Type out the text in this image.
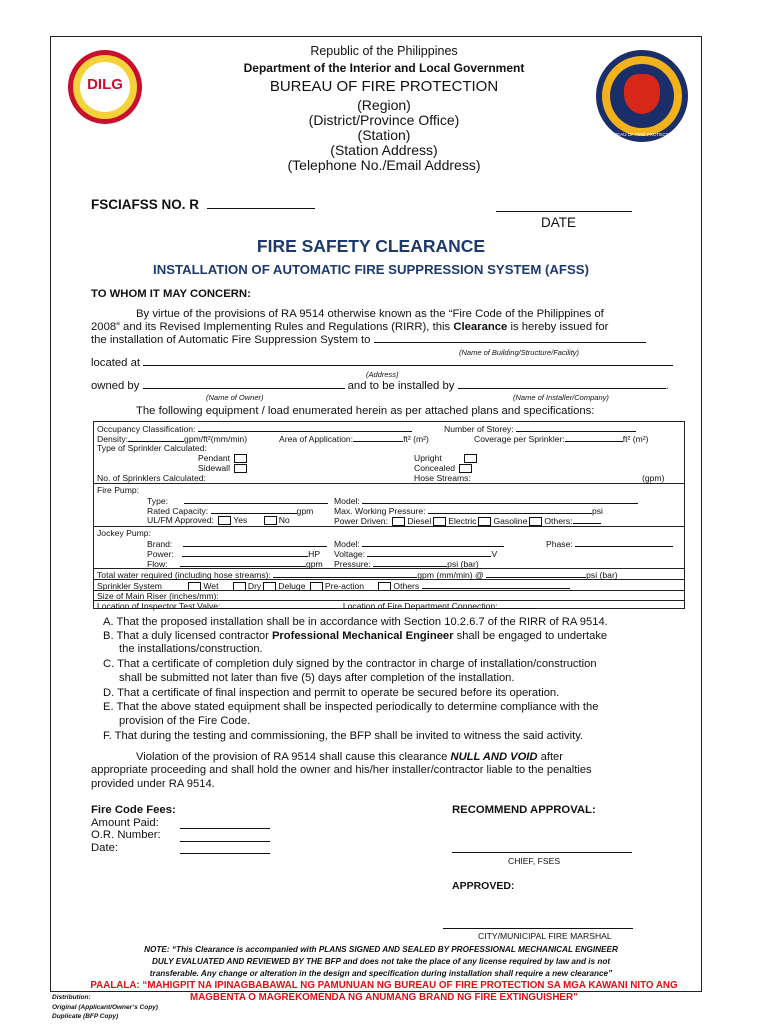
DILG
BUREAU OF FIRE PROTECTION
Republic of the Philippines
Department of the Interior and Local Government
BUREAU OF FIRE PROTECTION
(Region)
(District/Province Office)
(Station)
(Station Address)
(Telephone No./Email Address)
FSCIAFSS NO. R
DATE
FIRE SAFETY CLEARANCE
INSTALLATION OF AUTOMATIC FIRE SUPPRESSION SYSTEM (AFSS)
TO WHOM IT MAY CONCERN:
By virtue of the provisions of RA 9514 otherwise known as the “Fire Code of the Philippines of
2008” and its Revised Implementing Rules and Regulations (RIRR), this Clearance is hereby issued for
the installation of Automatic Fire Suppression System to
(Name of Building/Structure/Facility)
located at
(Address)
owned by	and to be installed by	.
(Name of Owner)	(Name of Installer/Company)
The following equipment / load enumerated herein as per attached plans and specifications:
Occupancy Classification:	Number of Storey:
Density:	gpm/ft²(mm/min)	Area of Application:	ft² (m²)	Coverage per Sprinkler:	ft² (m²)
Type of Sprinkler Calculated:
Pendant
Sidewall
Upright
Concealed
No. of Sprinklers Calculated:	Hose Streams:	(gpm)
Fire Pump:
Type:	Model:
Rated Capacity:	gpm Max. Working Pressure:	psi
UL/FM Approved: Yes	No	Power Driven: Diesel Electric Gasoline Others:
Jockey Pump:
Brand:	Model:	Phase:
Power:	HP Voltage:	V
Flow:	gpm Pressure:	psi (bar)
Total water required (including hose streams):	gpm (mm/min) @	psi (bar)
Sprinkler System	Wet	Dry Deluge Pre-action	Others
Size of Main Riser (inches/mm):
Location of Inspector Test Valve:	Location of Fire Department Connection:
A. That the proposed installation shall be in accordance with Section 10.2.6.7 of the RIRR of RA 9514.
B. That a duly licensed contractor Professional Mechanical Engineer shall be engaged to undertake
the installations/construction.
C. That a certificate of completion duly signed by the contractor in charge of installation/construction
shall be submitted not later than five (5) days after completion of the installation.
D. That a certificate of final inspection and permit to operate be secured before its operation.
E. That the above stated equipment shall be inspected periodically to determine compliance with the
provision of the Fire Code.
F. That during the testing and commissioning, the BFP shall be invited to witness the said activity.
Violation of the provision of RA 9514 shall cause this clearance NULL AND VOID after
appropriate proceeding and shall hold the owner and his/her installer/contractor liable to the penalties
provided under RA 9514.
Fire Code Fees:
Amount Paid:
O.R. Number:
Date:
RECOMMEND APPROVAL:
CHIEF, FSES
APPROVED:
CITY/MUNICIPAL FIRE MARSHAL
NOTE: “This Clearance is accompanied with PLANS SIGNED AND SEALED BY PROFESSIONAL MECHANICAL ENGINEER
DULY EVALUATED AND REVIEWED BY THE BFP and does not take the place of any license required by law and is not
transferable. Any change or alteration in the design and specification during installation shall require a new clearance”
PAALALA: “MAHIGPIT NA IPINAGBABAWAL NG PAMUNUAN NG BUREAU OF FIRE PROTECTION SA MGA KAWANI NITO ANG
MAGBENTA O MAGREKOMENDA NG ANUMANG BRAND NG FIRE EXTINGUISHER”
Distribution:
Original (Applicant/Owner’s Copy)
Duplicate (BFP Copy)
